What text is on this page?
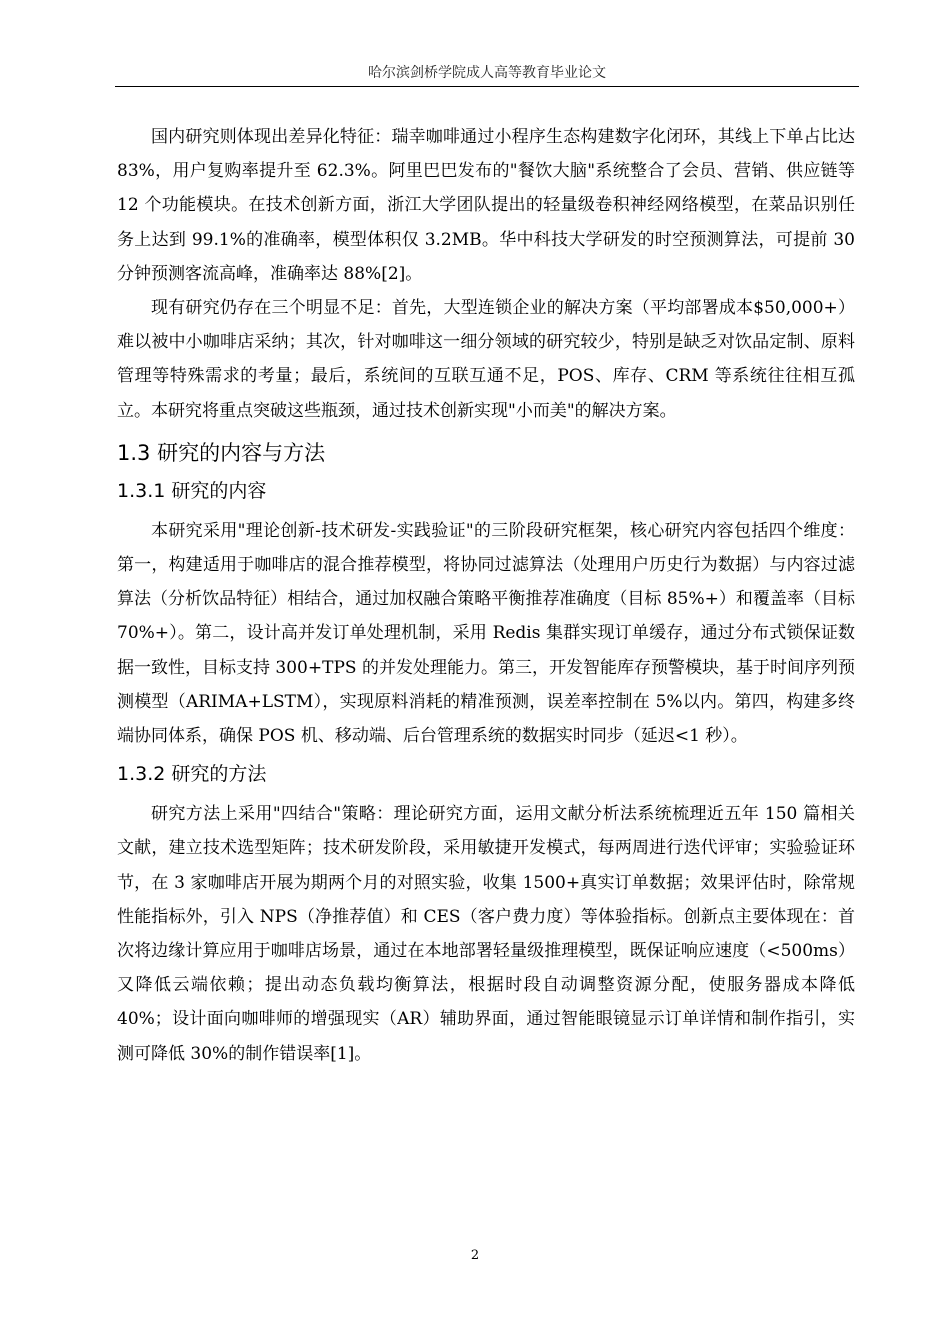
哈尔滨剑桥学院成人高等教育毕业论文

国内研究则体现出差异化特征：瑞幸咖啡通过小程序生态构建数字化闭环，其线上下单占比达 83%，用户复购率提升至 62.3%。阿里巴巴发布的"餐饮大脑"系统整合了会员、营销、供应链等 12 个功能模块。在技术创新方面，浙江大学团队提出的轻量级卷积神经网络模型，在菜品识别任务上达到 99.1%的准确率，模型体积仅 3.2MB。华中科技大学研发的时空预测算法，可提前 30 分钟预测客流高峰，准确率达 88%[2]。

现有研究仍存在三个明显不足：首先，大型连锁企业的解决方案（平均部署成本$50,000+）难以被中小咖啡店采纳；其次，针对咖啡这一细分领域的研究较少，特别是缺乏对饮品定制、原料管理等特殊需求的考量；最后，系统间的互联互通不足，POS、库存、CRM 等系统往往相互孤立。本研究将重点突破这些瓶颈，通过技术创新实现"小而美"的解决方案。

1.3 研究的内容与方法
1.3.1 研究的内容

本研究采用"理论创新-技术研发-实践验证"的三阶段研究框架，核心研究内容包括四个维度：第一，构建适用于咖啡店的混合推荐模型，将协同过滤算法（处理用户历史行为数据）与内容过滤算法（分析饮品特征）相结合，通过加权融合策略平衡推荐准确度（目标 85%+）和覆盖率（目标 70%+）。第二，设计高并发订单处理机制，采用 Redis 集群实现订单缓存，通过分布式锁保证数据一致性，目标支持 300+TPS 的并发处理能力。第三，开发智能库存预警模块，基于时间序列预测模型（ARIMA+LSTM），实现原料消耗的精准预测，误差率控制在 5%以内。第四，构建多终端协同体系，确保 POS 机、移动端、后台管理系统的数据实时同步（延迟<1 秒）。

1.3.2 研究的方法

研究方法上采用"四结合"策略：理论研究方面，运用文献分析法系统梳理近五年 150 篇相关文献，建立技术选型矩阵；技术研发阶段，采用敏捷开发模式，每两周进行迭代评审；实验验证环节，在 3 家咖啡店开展为期两个月的对照实验，收集 1500+真实订单数据；效果评估时，除常规性能指标外，引入 NPS（净推荐值）和 CES（客户费力度）等体验指标。创新点主要体现在：首次将边缘计算应用于咖啡店场景，通过在本地部署轻量级推理模型，既保证响应速度（<500ms）又降低云端依赖；提出动态负载均衡算法，根据时段自动调整资源分配，使服务器成本降低 40%；设计面向咖啡师的增强现实（AR）辅助界面，通过智能眼镜显示订单详情和制作指引，实测可降低 30%的制作错误率[1]。

2
